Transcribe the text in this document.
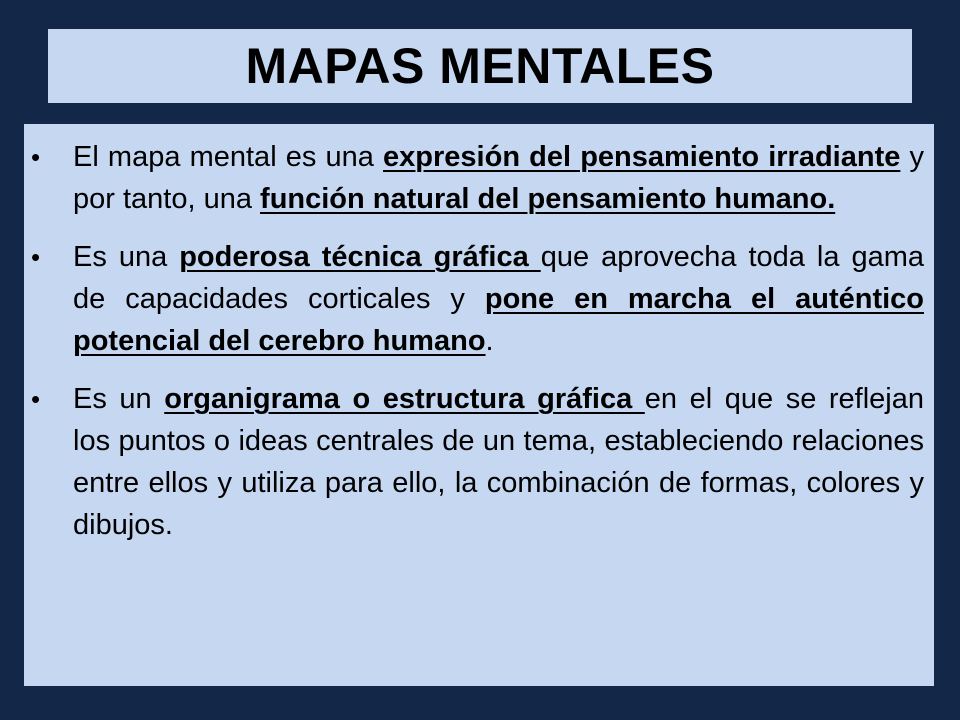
MAPAS MENTALES
• El mapa mental es una expresión del pensamiento irradiante y por tanto, una función natural del pensamiento humano.
• Es una poderosa técnica gráfica que aprovecha toda la gama de capacidades corticales y pone en marcha el auténtico potencial del cerebro humano.
• Es un organigrama o estructura gráfica en el que se reflejan los puntos o ideas centrales de un tema, estableciendo relaciones entre ellos y utiliza para ello, la combinación de formas, colores y dibujos.
